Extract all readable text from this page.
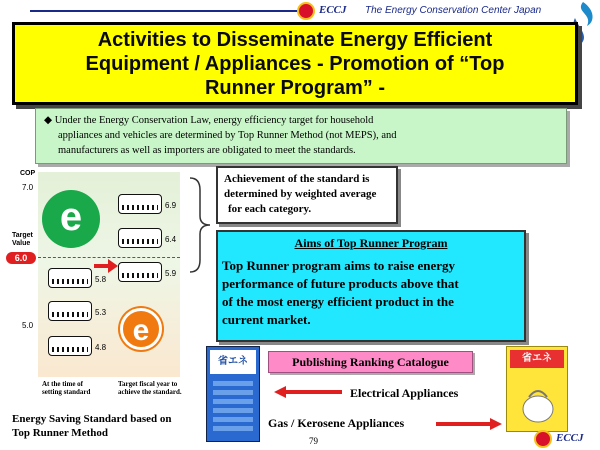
ECCJ The Energy Conservation Center Japan
Activities to Disseminate Energy Efficient
Equipment / Appliances - Promotion of “Top
Runner Program” -
◆ Under the Energy Conservation Law, energy efficiency target for household
appliances and vehicles are determined by Top Runner Method (not MEPS), and
manufacturers as well as importers are obligated to meet the standards.
COP
7.0
5.0
Target
Value
6.0
e
e
6.9
6.4
5.9
5.8
5.3
4.8
At the time of
setting standard
Target fiscal year to
achieve the standard.
Energy Saving Standard based on
Top Runner Method
Achievement of the standard is
determined by weighted average
for each category.
Aims of Top Runner Program
Top Runner program aims to raise energy
performance of future products above that
of the most energy efficient product in the
current market.
省エネ	省エネ
Publishing Ranking Catalogue
Electrical Appliances
Gas / Kerosene Appliances
79	ECCJ
